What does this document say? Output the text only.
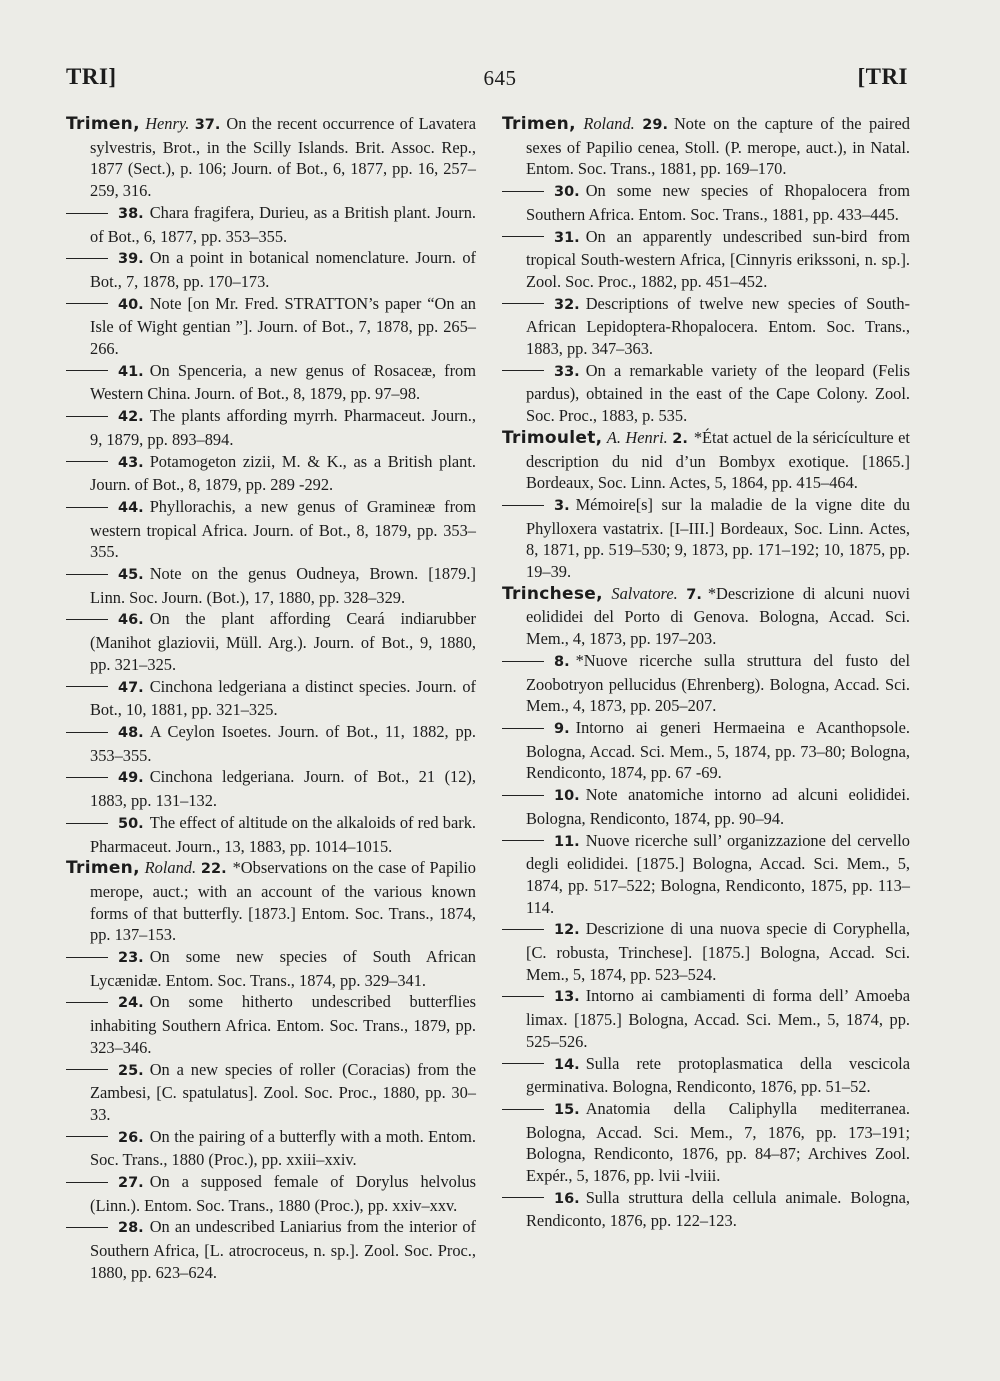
TRI]	645	[TRI

Trimen, Henry. 37. On the recent occurrence of Lavatera sylvestris, Brot., in the Scilly Islands. Brit. Assoc. Rep., 1877 (Sect.), p. 106; Journ. of Bot., 6, 1877, pp. 16, 257–259, 316.

38. Chara fragifera, Durieu, as a British plant. Journ. of Bot., 6, 1877, pp. 353–355.

39. On a point in botanical nomenclature. Journ. of Bot., 7, 1878, pp. 170–173.

40. Note [on Mr. Fred. STRATTON’s paper “On an Isle of Wight gentian ”]. Journ. of Bot., 7, 1878, pp. 265–266.

41. On Spenceria, a new genus of Rosaceæ, from Western China. Journ. of Bot., 8, 1879, pp. 97–98.

42. The plants affording myrrh. Pharmaceut. Journ., 9, 1879, pp. 893–894.

43. Potamogeton zizii, M. & K., as a British plant. Journ. of Bot., 8, 1879, pp. 289 -292.

44. Phyllorachis, a new genus of Gramineæ from western tropical Africa. Journ. of Bot., 8, 1879, pp. 353–355.

45. Note on the genus Oudneya, Brown. [1879.] Linn. Soc. Journ. (Bot.), 17, 1880, pp. 328–329.

46. On the plant affording Ceará indiarubber (Manihot glaziovii, Müll. Arg.). Journ. of Bot., 9, 1880, pp. 321–325.

47. Cinchona ledgeriana a distinct species. Journ. of Bot., 10, 1881, pp. 321–325.

48. A Ceylon Isoetes. Journ. of Bot., 11, 1882, pp. 353–355.

49. Cinchona ledgeriana. Journ. of Bot., 21 (12), 1883, pp. 131–132.

50. The effect of altitude on the alkaloids of red bark. Pharmaceut. Journ., 13, 1883, pp. 1014–1015.

Trimen, Roland. 22. *Observations on the case of Papilio merope, auct.; with an account of the various known forms of that butterfly. [1873.] Entom. Soc. Trans., 1874, pp. 137–153.

23. On some new species of South African Lycænidæ. Entom. Soc. Trans., 1874, pp. 329–341.

24. On some hitherto undescribed butterflies inhabiting Southern Africa. Entom. Soc. Trans., 1879, pp. 323–346.

25. On a new species of roller (Coracias) from the Zambesi, [C. spatulatus]. Zool. Soc. Proc., 1880, pp. 30–33.

26. On the pairing of a butterfly with a moth. Entom. Soc. Trans., 1880 (Proc.), pp. xxiii–xxiv.

27. On a supposed female of Dorylus helvolus (Linn.). Entom. Soc. Trans., 1880 (Proc.), pp. xxiv–xxv.

28. On an undescribed Laniarius from the interior of Southern Africa, [L. atrocroceus, n. sp.]. Zool. Soc. Proc., 1880, pp. 623–624.

Trimen, Roland. 29. Note on the capture of the paired sexes of Papilio cenea, Stoll. (P. merope, auct.), in Natal. Entom. Soc. Trans., 1881, pp. 169–170.

30. On some new species of Rhopalocera from Southern Africa. Entom. Soc. Trans., 1881, pp. 433–445.

31. On an apparently undescribed sun-bird from tropical South-western Africa, [Cinnyris erikssoni, n. sp.]. Zool. Soc. Proc., 1882, pp. 451–452.

32. Descriptions of twelve new species of South-African Lepidoptera-Rhopalocera. Entom. Soc. Trans., 1883, pp. 347–363.

33. On a remarkable variety of the leopard (Felis pardus), obtained in the east of the Cape Colony. Zool. Soc. Proc., 1883, p. 535.

Trimoulet, A. Henri. 2. *État actuel de la séricículture et description du nid d’un Bombyx exotique. [1865.] Bordeaux, Soc. Linn. Actes, 5, 1864, pp. 415–464.

3. Mémoire[s] sur la maladie de la vigne dite du Phylloxera vastatrix. [I–III.] Bordeaux, Soc. Linn. Actes, 8, 1871, pp. 519–530; 9, 1873, pp. 171–192; 10, 1875, pp. 19–39.

Trinchese, Salvatore. 7. *Descrizione di alcuni nuovi eolididei del Porto di Genova. Bologna, Accad. Sci. Mem., 4, 1873, pp. 197–203.

8. *Nuove ricerche sulla struttura del fusto del Zoobotryon pellucidus (Ehrenberg). Bologna, Accad. Sci. Mem., 4, 1873, pp. 205–207.

9. Intorno ai generi Hermaeina e Acanthopsole. Bologna, Accad. Sci. Mem., 5, 1874, pp. 73–80; Bologna, Rendiconto, 1874, pp. 67 -69.

10. Note anatomiche intorno ad alcuni eolididei. Bologna, Rendiconto, 1874, pp. 90–94.

11. Nuove ricerche sull’ organizzazione del cervello degli eolididei. [1875.] Bologna, Accad. Sci. Mem., 5, 1874, pp. 517–522; Bologna, Rendiconto, 1875, pp. 113–114.

12. Descrizione di una nuova specie di Coryphella, [C. robusta, Trinchese]. [1875.] Bologna, Accad. Sci. Mem., 5, 1874, pp. 523–524.

13. Intorno ai cambiamenti di forma dell’ Amoeba limax. [1875.] Bologna, Accad. Sci. Mem., 5, 1874, pp. 525–526.

14. Sulla rete protoplasmatica della vescicola germinativa. Bologna, Rendiconto, 1876, pp. 51–52.

15. Anatomia della Caliphylla mediterranea. Bologna, Accad. Sci. Mem., 7, 1876, pp. 173–191; Bologna, Rendiconto, 1876, pp. 84–87; Archives Zool. Expér., 5, 1876, pp. lvii -lviii.

16. Sulla struttura della cellula animale. Bologna, Rendiconto, 1876, pp. 122–123.
